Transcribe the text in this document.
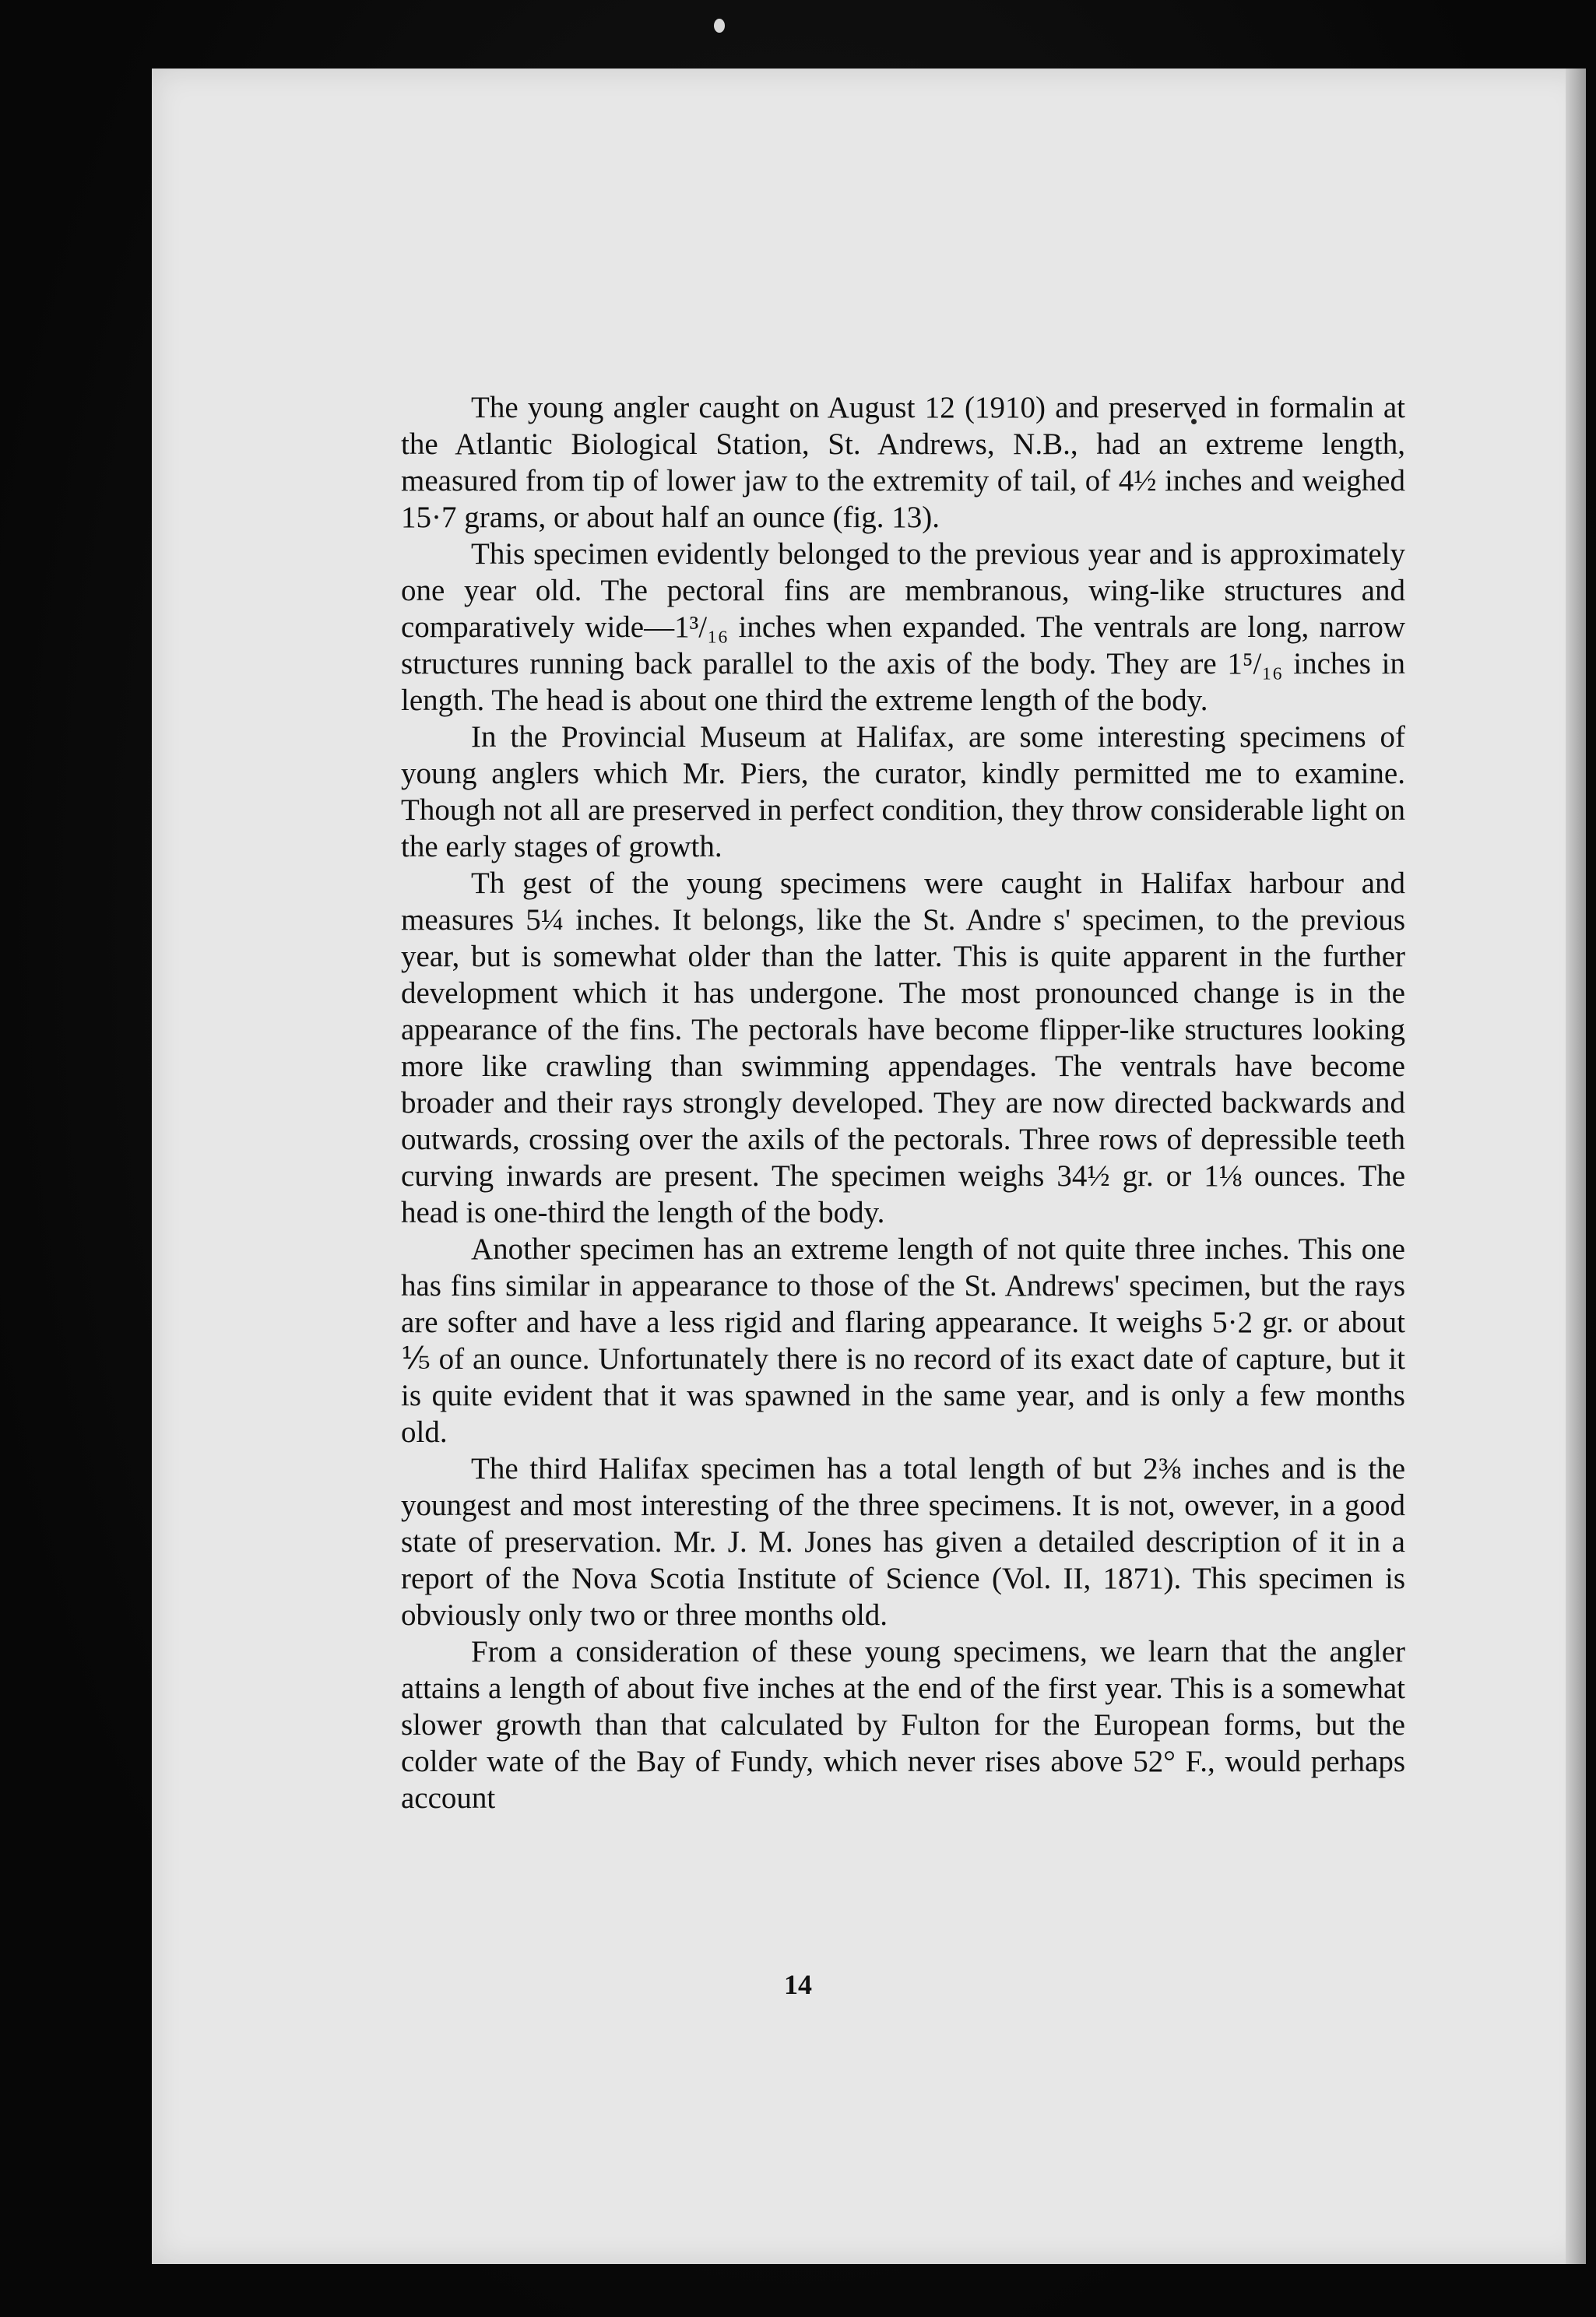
The young angler caught on August 12 (1910) and preserved in formalin at the Atlantic Biological Station, St. Andrews, N.B., had an extreme length, measured from tip of lower jaw to the extremity of tail, of 4½ inches and weighed 15·7 grams, or about half an ounce (fig. 13).

This specimen evidently belonged to the previous year and is approximately one year old. The pectoral fins are membranous, wing-like structures and comparatively wide—1³/₁₆ inches when expanded. The ventrals are long, narrow structures running back parallel to the axis of the body. They are 1⁵/₁₆ inches in length. The head is about one third the extreme length of the body.

In the Provincial Museum at Halifax, are some interesting specimens of young anglers which Mr. Piers, the curator, kindly permitted me to examine. Though not all are preserved in perfect condition, they throw considerable light on the early stages of growth.

Th gest of the young specimens were caught in Halifax harbour and measures 5¼ inches. It belongs, like the St. Andre s' specimen, to the previous year, but is somewhat older than the latter. This is quite apparent in the further development which it has undergone. The most pronounced change is in the appearance of the fins. The pectorals have become flipper-like structures looking more like crawling than swimming appendages. The ventrals have become broader and their rays strongly developed. They are now directed backwards and outwards, crossing over the axils of the pectorals. Three rows of depressible teeth curving inwards are present. The specimen weighs 34½ gr. or 1⅛ ounces. The head is one-third the length of the body.

Another specimen has an extreme length of not quite three inches. This one has fins similar in appearance to those of the St. Andrews' specimen, but the rays are softer and have a less rigid and flaring appearance. It weighs 5·2 gr. or about ⅕ of an ounce. Unfortunately there is no record of its exact date of capture, but it is quite evident that it was spawned in the same year, and is only a few months old.

The third Halifax specimen has a total length of but 2⅜ inches and is the youngest and most interesting of the three specimens. It is not, owever, in a good state of preservation. Mr. J. M. Jones has given a detailed description of it in a report of the Nova Scotia Institute of Science (Vol. II, 1871). This specimen is obviously only two or three months old.

From a consideration of these young specimens, we learn that the angler attains a length of about five inches at the end of the first year. This is a somewhat slower growth than that calculated by Fulton for the European forms, but the colder wate of the Bay of Fundy, which never rises above 52° F., would perhaps account

14
